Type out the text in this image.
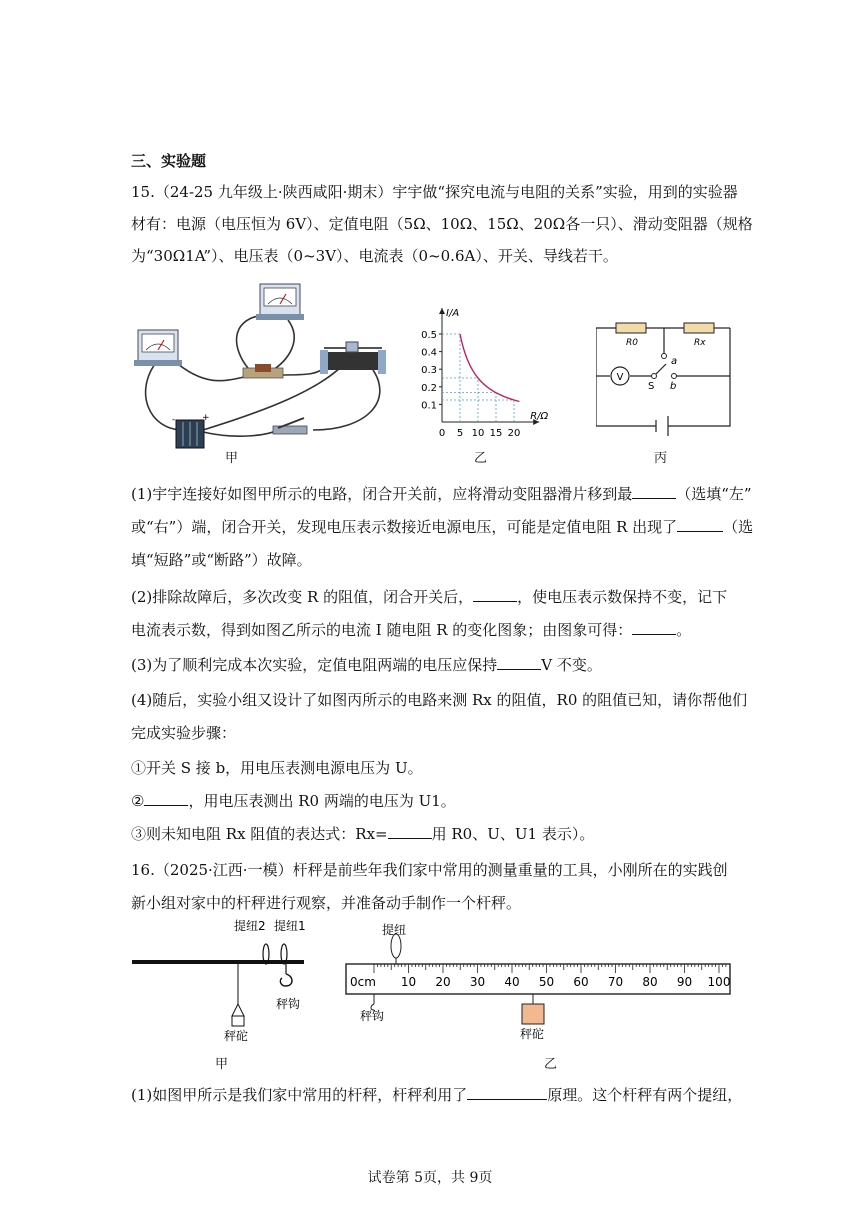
三、实验题
15.（24-25 九年级上·陕西咸阳·期末）宇宇做“探究电流与电阻的关系”实验，用到的实验器
材有：电源（电压恒为 6V）、定值电阻（5Ω、10Ω、15Ω、20Ω各一只）、滑动变阻器（规格
为“30Ω1A”）、电压表（0~3V）、电流表（0~0.6A）、开关、导线若干。
-	+
甲
0.1
0.2
0.3
0.4
0.5
0 5 10 15 20
I/A
R/Ω
乙
V
R0	Rx
a
b
S
丙
(1)宇宇连接好如图甲所示的电路，闭合开关前，应将滑动变阻器滑片移到最	（选填“左”
或“右”）端，闭合开关，发现电压表示数接近电源电压，可能是定值电阻 R 出现了	（选
填“短路”或“断路”）故障。
(2)排除故障后，多次改变 R 的阻值，闭合开关后，	，使电压表示数保持不变，记下
电流表示数，得到如图乙所示的电流 I 随电阻 R 的变化图象；由图象可得：	。
(3)为了顺利完成本次实验，定值电阻两端的电压应保持	V 不变。
(4)随后，实验小组又设计了如图丙所示的电路来测 Rx 的阻值，R0 的阻值已知，请你帮他们
完成实验步骤：
①开关 S 接 b，用电压表测电源电压为 U。
②	，用电压表测出 R0 两端的电压为 U1。
③则未知电阻 Rx 阻值的表达式：Rx=	用 R0、U、U1 表示）。
16.（2025·江西·一模）杆秤是前些年我们家中常用的测量重量的工具，小刚所在的实践创
新小组对家中的杆秤进行观察，并准备动手制作一个杆秤。
提纽2 提纽1
秤钩
秤砣
甲
10 20 30 40 50 60 70 80 90 100
提纽
秤钩
秤砣
0cm
乙
(1)如图甲所示是我们家中常用的杆秤，杆秤利用了	原理。这个杆秤有两个提纽，
试卷第 5页，共 9页
